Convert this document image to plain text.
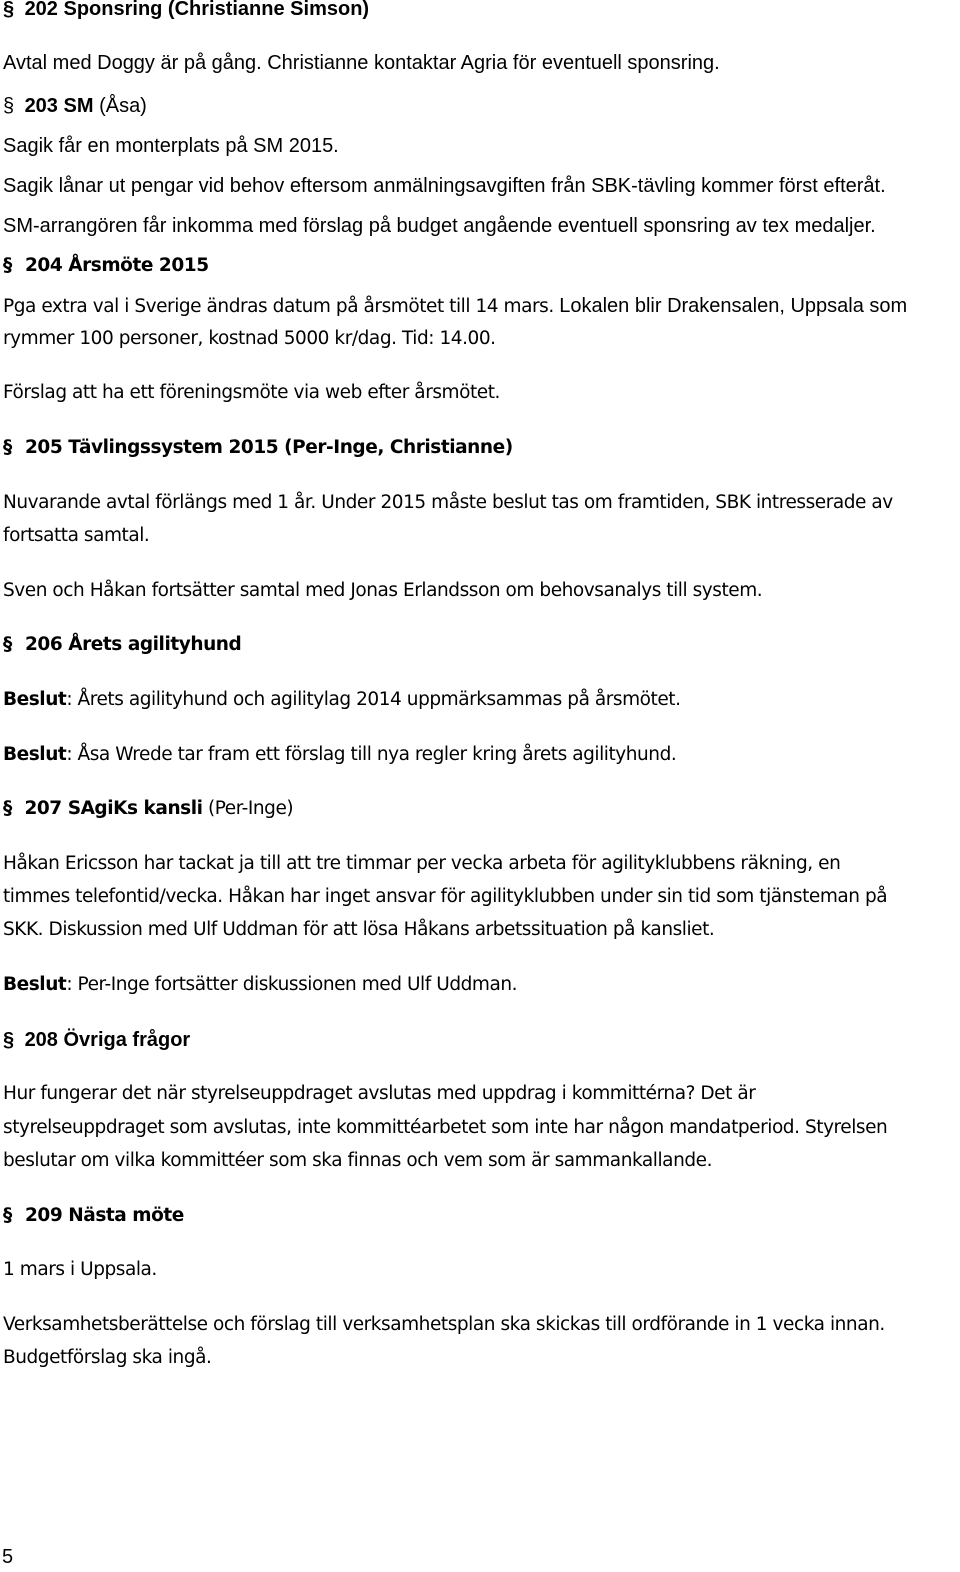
§ 202 Sponsring (Christianne Simson)
Avtal med Doggy är på gång. Christianne kontaktar Agria för eventuell sponsring.
§ 203 SM (Åsa)
Sagik får en monterplats på SM 2015.
Sagik lånar ut pengar vid behov eftersom anmälningsavgiften från SBK-tävling kommer först efteråt.
SM-arrangören får inkomma med förslag på budget angående eventuell sponsring av tex medaljer.
§ 204 Årsmöte 2015
Pga extra val i Sverige ändras datum på årsmötet till 14 mars. Lokalen blir Drakensalen, Uppsala som
rymmer 100 personer, kostnad 5000 kr/dag. Tid: 14.00.
Förslag att ha ett föreningsmöte via web efter årsmötet.
§ 205 Tävlingssystem 2015 (Per-Inge, Christianne)
Nuvarande avtal förlängs med 1 år. Under 2015 måste beslut tas om framtiden, SBK intresserade av
fortsatta samtal.
Sven och Håkan fortsätter samtal med Jonas Erlandsson om behovsanalys till system.
§ 206 Årets agilityhund
Beslut: Årets agilityhund och agilitylag 2014 uppmärksammas på årsmötet.
Beslut: Åsa Wrede tar fram ett förslag till nya regler kring årets agilityhund.
§ 207 SAgiKs kansli (Per-Inge)
Håkan Ericsson har tackat ja till att tre timmar per vecka arbeta för agilityklubbens räkning, en
timmes telefontid/vecka. Håkan har inget ansvar för agilityklubben under sin tid som tjänsteman på
SKK. Diskussion med Ulf Uddman för att lösa Håkans arbetssituation på kansliet.
Beslut: Per-Inge fortsätter diskussionen med Ulf Uddman.
§ 208 Övriga frågor
Hur fungerar det när styrelseuppdraget avslutas med uppdrag i kommittérna? Det är
styrelseuppdraget som avslutas, inte kommittéarbetet som inte har någon mandatperiod. Styrelsen
beslutar om vilka kommittéer som ska finnas och vem som är sammankallande.
§ 209 Nästa möte
1 mars i Uppsala.
Verksamhetsberättelse och förslag till verksamhetsplan ska skickas till ordförande in 1 vecka innan.
Budgetförslag ska ingå.
5
